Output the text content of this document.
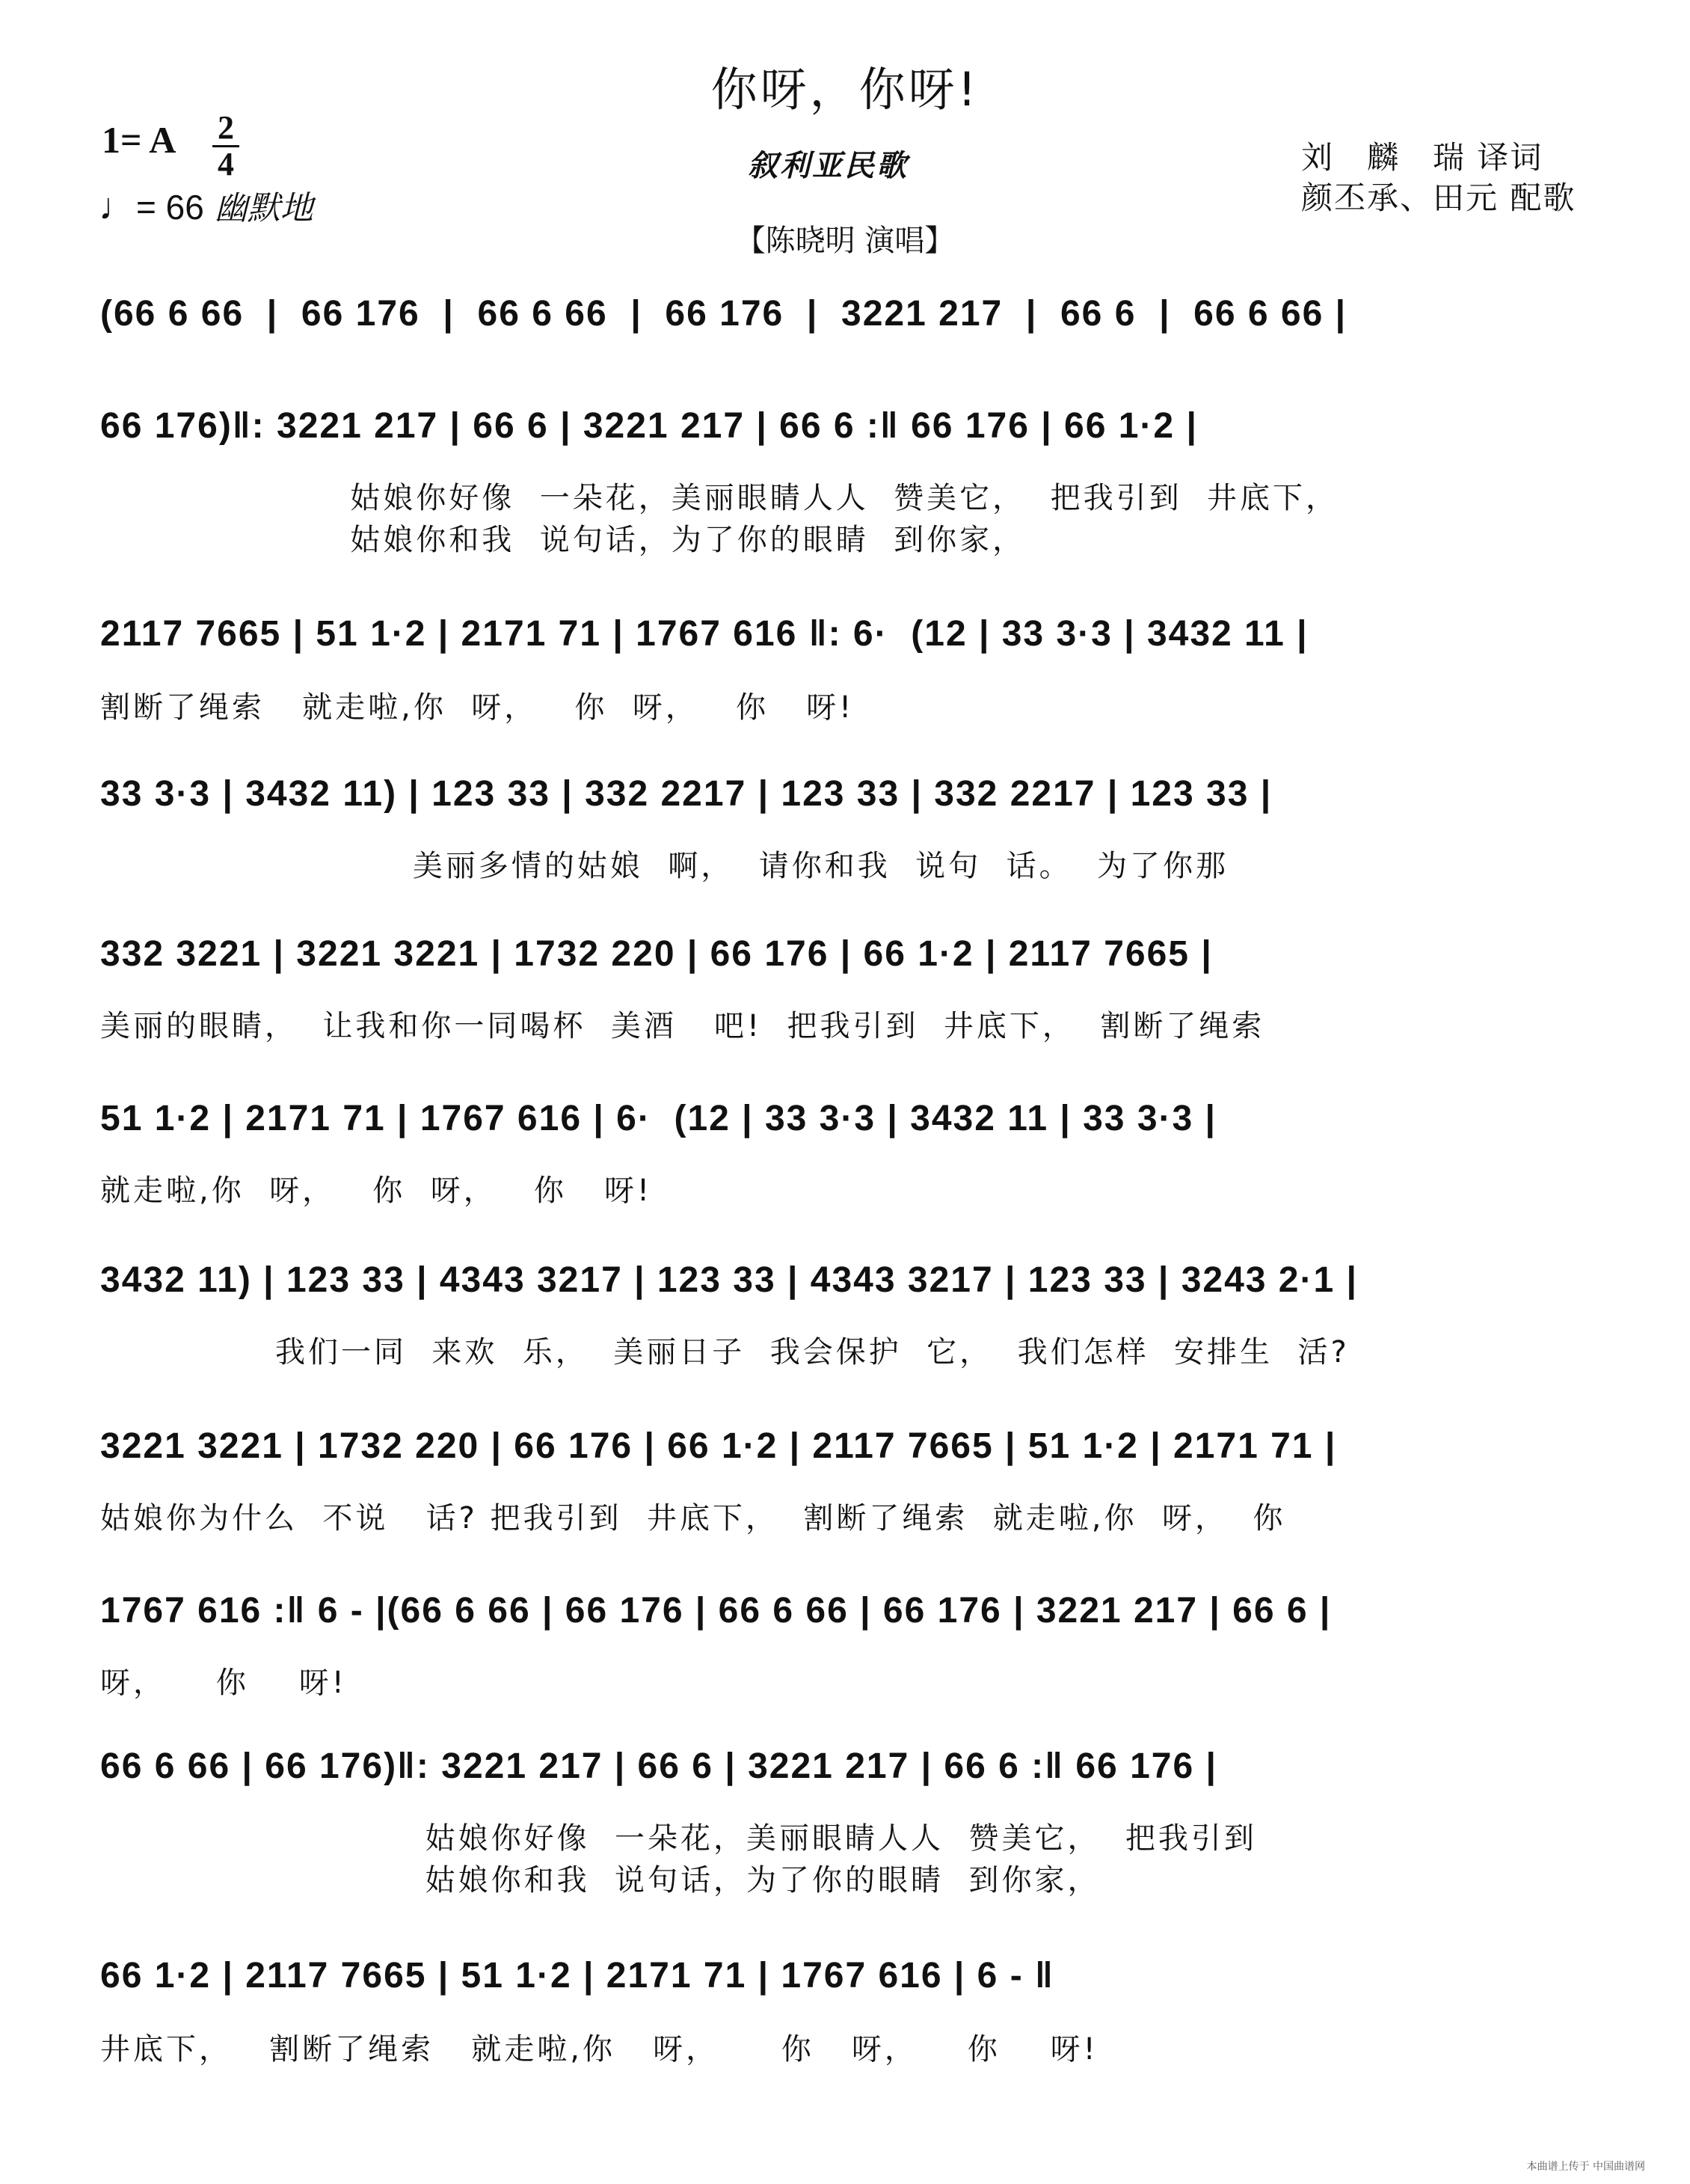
你呀，你呀!
1= A 2
4
♩= 66 幽默地
叙利亚民歌
【陈晓明 演唱】
刘　麟　瑞 译词
颜丕承、田元 配歌
(66 6 66  |  66 176  |  66 6 66  |  66 176  |  3221 217  |  66 6  |  66 6 66 |
66 176)‖: 3221 217 | 66 6 | 3221 217 | 66 6 :‖ 66 176 | 66 1·2 |
姑娘你好像  一朵花，美丽眼睛人人  赞美它，  把我引到  井底下，
姑娘你和我  说句话，为了你的眼睛  到你家，
2117 7665 | 51 1·2 | 2171 71 | 1767 616 ‖: 6·  (12 | 33 3·3 | 3432 11 |
割断了绳索   就走啦,你  呀，   你  呀，   你   呀!
33 3·3 | 3432 11) | 123 33 | 332 2217 | 123 33 | 332 2217 | 123 33 |
美丽多情的姑娘  啊，  请你和我  说句  话。  为了你那
332 3221 | 3221 3221 | 1732 220 | 66 176 | 66 1·2 | 2117 7665 |
美丽的眼睛，  让我和你一同喝杯  美酒   吧!  把我引到  井底下，  割断了绳索
51 1·2 | 2171 71 | 1767 616 | 6·  (12 | 33 3·3 | 3432 11 | 33 3·3 |
就走啦,你  呀，   你  呀，   你   呀!
3432 11) | 123 33 | 4343 3217 | 123 33 | 4343 3217 | 123 33 | 3243 2·1 |
我们一同  来欢  乐，  美丽日子  我会保护  它，  我们怎样  安排生  活?
3221 3221 | 1732 220 | 66 176 | 66 1·2 | 2117 7665 | 51 1·2 | 2171 71 |
姑娘你为什么  不说   话? 把我引到  井底下，  割断了绳索  就走啦,你  呀，  你
1767 616 :‖ 6 - |(66 6 66 | 66 176 | 66 6 66 | 66 176 | 3221 217 | 66 6 |
呀，    你    呀!
66 6 66 | 66 176)‖: 3221 217 | 66 6 | 3221 217 | 66 6 :‖ 66 176 |
姑娘你好像  一朵花，美丽眼睛人人  赞美它，  把我引到
姑娘你和我  说句话，为了你的眼睛  到你家，
66 1·2 | 2117 7665 | 51 1·2 | 2171 71 | 1767 616 | 6 - ‖
井底下，   割断了绳索   就走啦,你   呀，     你   呀，    你    呀!
本曲谱上传于 中国曲谱网
